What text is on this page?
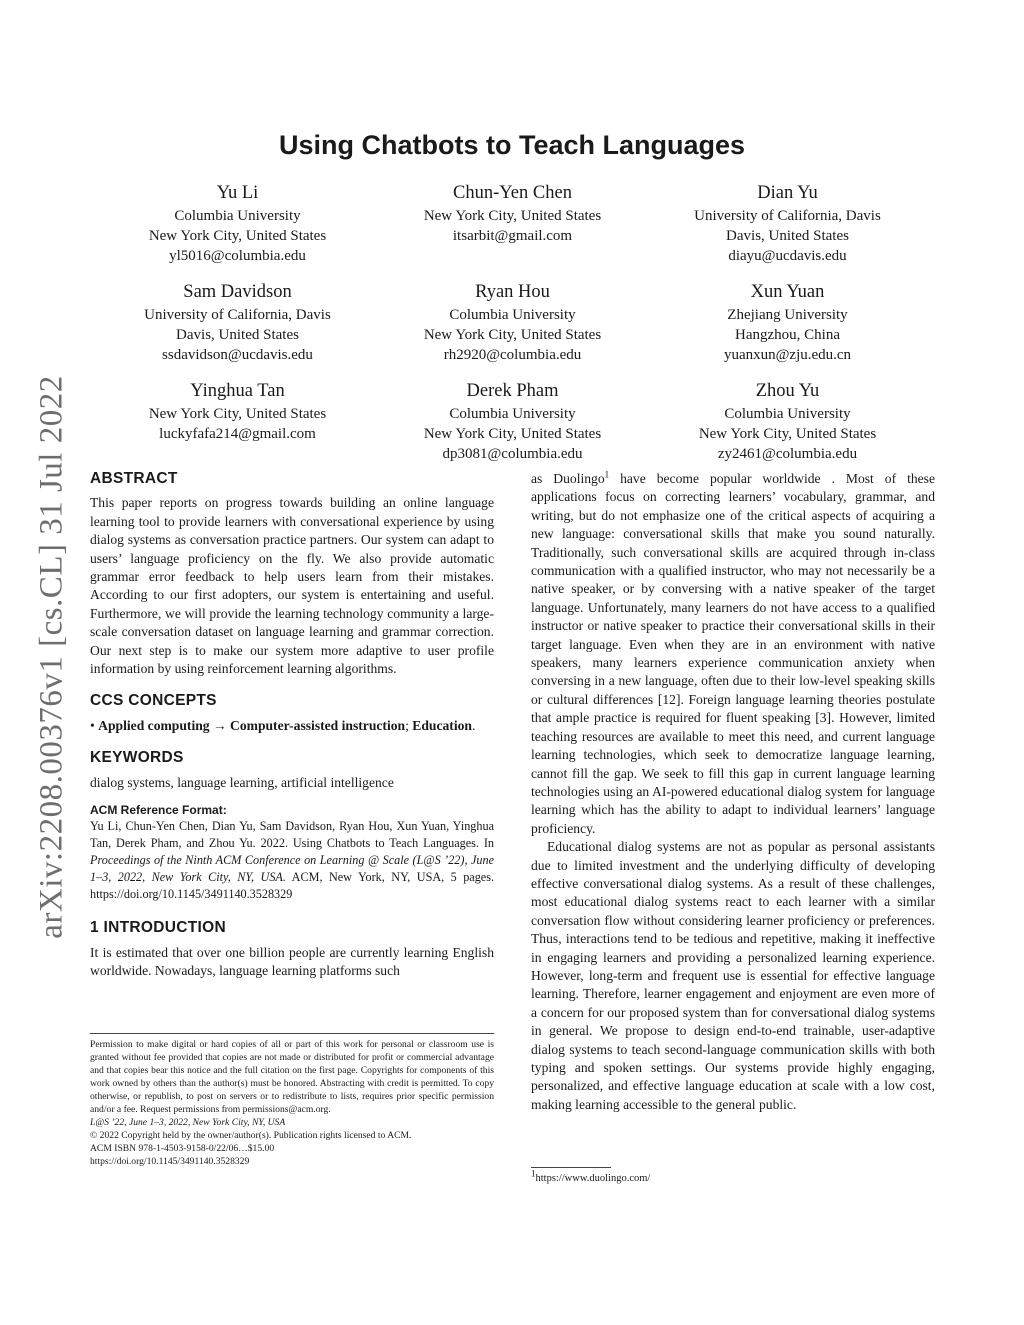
arXiv:2208.00376v1 [cs.CL] 31 Jul 2022
Using Chatbots to Teach Languages
Yu Li
Columbia University
New York City, United States
yl5016@columbia.edu
Chun-Yen Chen
New York City, United States
itsarbit@gmail.com
Dian Yu
University of California, Davis
Davis, United States
diayu@ucdavis.edu
Sam Davidson
University of California, Davis
Davis, United States
ssdavidson@ucdavis.edu
Ryan Hou
Columbia University
New York City, United States
rh2920@columbia.edu
Xun Yuan
Zhejiang University
Hangzhou, China
yuanxun@zju.edu.cn
Yinghua Tan
New York City, United States
luckyfafa214@gmail.com
Derek Pham
Columbia University
New York City, United States
dp3081@columbia.edu
Zhou Yu
Columbia University
New York City, United States
zy2461@columbia.edu
ABSTRACT

This paper reports on progress towards building an online language learning tool to provide learners with conversational experience by using dialog systems as conversation practice partners. Our system can adapt to users’ language proficiency on the fly. We also provide automatic grammar error feedback to help users learn from their mistakes. According to our first adopters, our system is entertaining and useful. Furthermore, we will provide the learning technology community a large-scale conversation dataset on language learning and grammar correction. Our next step is to make our system more adaptive to user profile information by using reinforcement learning algorithms.

CCS CONCEPTS

• Applied computing → Computer-assisted instruction; Education.

KEYWORDS

dialog systems, language learning, artificial intelligence

ACM Reference Format:

Yu Li, Chun-Yen Chen, Dian Yu, Sam Davidson, Ryan Hou, Xun Yuan, Yinghua Tan, Derek Pham, and Zhou Yu. 2022. Using Chatbots to Teach Languages. In Proceedings of the Ninth ACM Conference on Learning @ Scale (L@S ’22), June 1–3, 2022, New York City, NY, USA. ACM, New York, NY, USA, 5 pages. https://doi.org/10.1145/3491140.3528329

1 INTRODUCTION

It is estimated that over one billion people are currently learning English worldwide. Nowadays, language learning platforms such

Permission to make digital or hard copies of all or part of this work for personal or classroom use is granted without fee provided that copies are not made or distributed for profit or commercial advantage and that copies bear this notice and the full citation on the first page. Copyrights for components of this work owned by others than the author(s) must be honored. Abstracting with credit is permitted. To copy otherwise, or republish, to post on servers or to redistribute to lists, requires prior specific permission and/or a fee. Request permissions from permissions@acm.org.

L@S ’22, June 1–3, 2022, New York City, NY, USA

© 2022 Copyright held by the owner/author(s). Publication rights licensed to ACM.

ACM ISBN 978-1-4503-9158-0/22/06…$15.00

https://doi.org/10.1145/3491140.3528329

as Duolingo$^1$ have become popular worldwide . Most of these applications focus on correcting learners’ vocabulary, grammar, and writing, but do not emphasize one of the critical aspects of acquiring a new language: conversational skills that make you sound naturally. Traditionally, such conversational skills are acquired through in-class communication with a qualified instructor, who may not necessarily be a native speaker, or by conversing with a native speaker of the target language. Unfortunately, many learners do not have access to a qualified instructor or native speaker to practice their conversational skills in their target language. Even when they are in an environment with native speakers, many learners experience communication anxiety when conversing in a new language, often due to their low-level speaking skills or cultural differences [12]. Foreign language learning theories postulate that ample practice is required for fluent speaking [3]. However, limited teaching resources are available to meet this need, and current language learning technologies, which seek to democratize language learning, cannot fill the gap. We seek to fill this gap in current language learning technologies using an AI-powered educational dialog system for language learning which has the ability to adapt to individual learners’ language proficiency.

Educational dialog systems are not as popular as personal assistants due to limited investment and the underlying difficulty of developing effective conversational dialog systems. As a result of these challenges, most educational dialog systems react to each learner with a similar conversation flow without considering learner proficiency or preferences. Thus, interactions tend to be tedious and repetitive, making it ineffective in engaging learners and providing a personalized learning experience. However, long-term and frequent use is essential for effective language learning. Therefore, learner engagement and enjoyment are even more of a concern for our proposed system than for conversational dialog systems in general. We propose to design end-to-end trainable, user-adaptive dialog systems to teach second-language communication skills with both typing and spoken settings. Our systems provide highly engaging, personalized, and effective language education at scale with a low cost, making learning accessible to the general public.

$^1$https://www.duolingo.com/
